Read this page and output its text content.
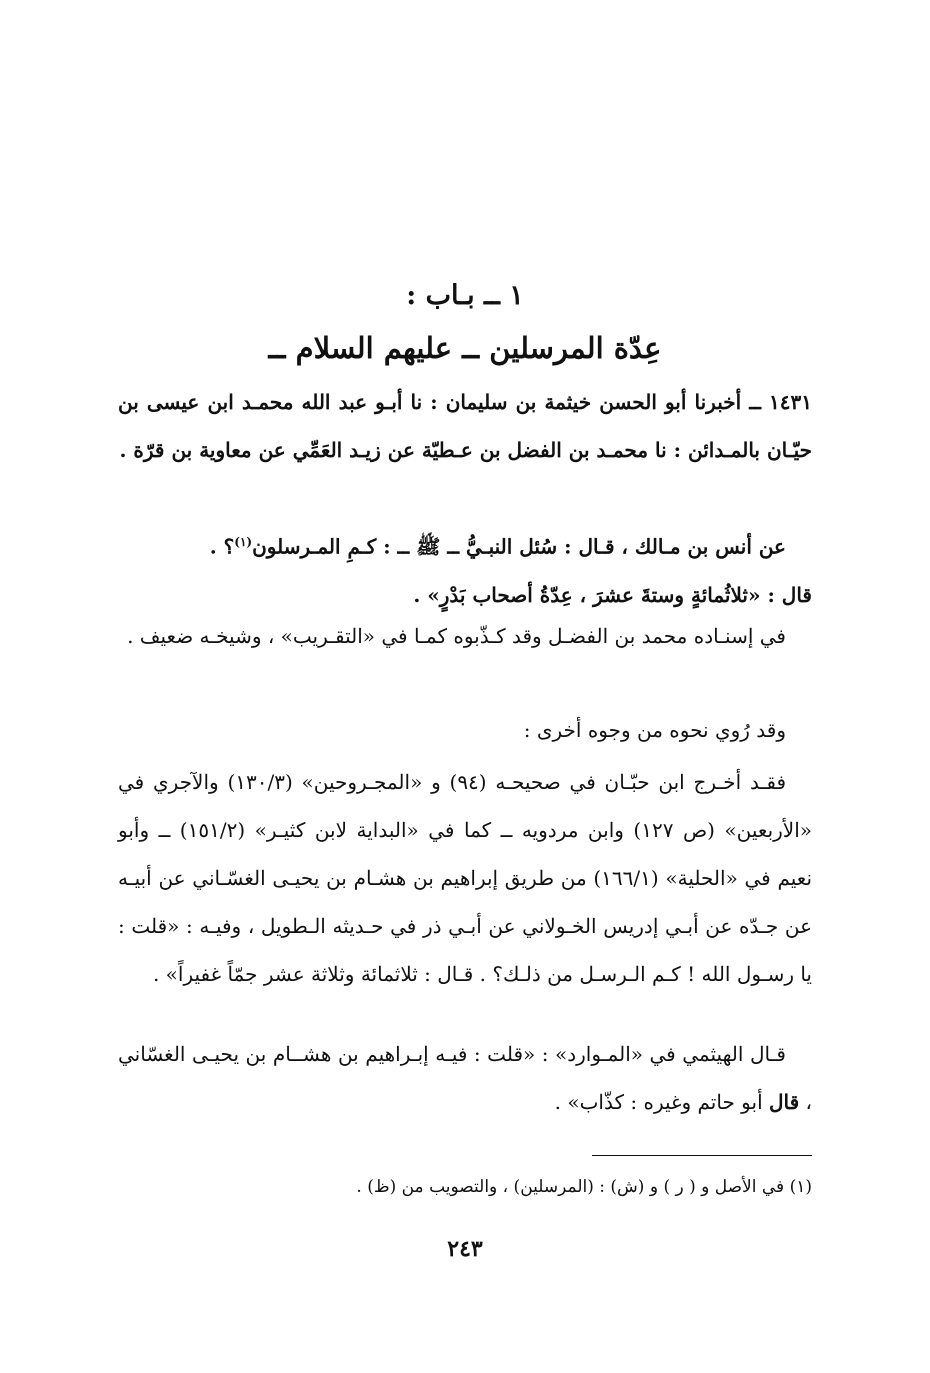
١ ــ بـاب :
عِدّة المرسلين ــ عليهم السلام ــ
١٤٣١ ــ أخبرنا أبو الحسن خيثمة بن سليمان : نا أبـو عبد الله محمـد ابن عيسى بن حيّـان بالمـدائن : نا محمـد بن الفضل بن عـطيّة عن زيـد العَمِّي عن معاوية بن قرّة .
عن أنس بن مـالك ، قـال : سُئل النبـيُّ ــ ﷺ ــ : كـمِ المـرسلون$^{(١)}$؟ .
قال : «ثلاثُمائةٍ وستةَ عشرَ ، عِدّةُ أصحاب بَدْرٍ» .
في إسنـاده محمد بن الفضـل وقد كـذّبوه كمـا في «التقـريب» ، وشيخـه ضعيف .
وقد رُوي نحوه من وجوه أخرى :
فقـد أخـرج ابن حبّـان في صحيحـه (٩٤) و «المجـروحين» (١٣٠/٣) والآجري في «الأربعين» (ص ١٢٧) وابن مردويه ــ كما في «البداية لابن كثيـر» (١٥١/٢) ــ وأبو نعيم في «الحلية» (١٦٦/١) من طريق إبراهيم بن هشـام بن يحيـى الغسّـاني عن أبيـه عن جـدّه عن أبـي إدريس الخـولاني عن أبـي ذر في حـديثه الـطويل ، وفيـه : «قلت : يا رسـول الله ! كـم الـرسـل من ذلـك؟ . قـال : ثلاثمائة وثلاثة عشر جمّاً غفيراً» .
قـال الهيثمي في «المـوارد» : «قلت : فيـه إبـراهيم بن هشــام بن يحيـى الغسّاني ، قال أبو حاتم وغيره : كذّاب» .
(١) في الأصل و ( ر ) و (ش) : (المرسلين) ، والتصويب من (ظ) .
٢٤٣
